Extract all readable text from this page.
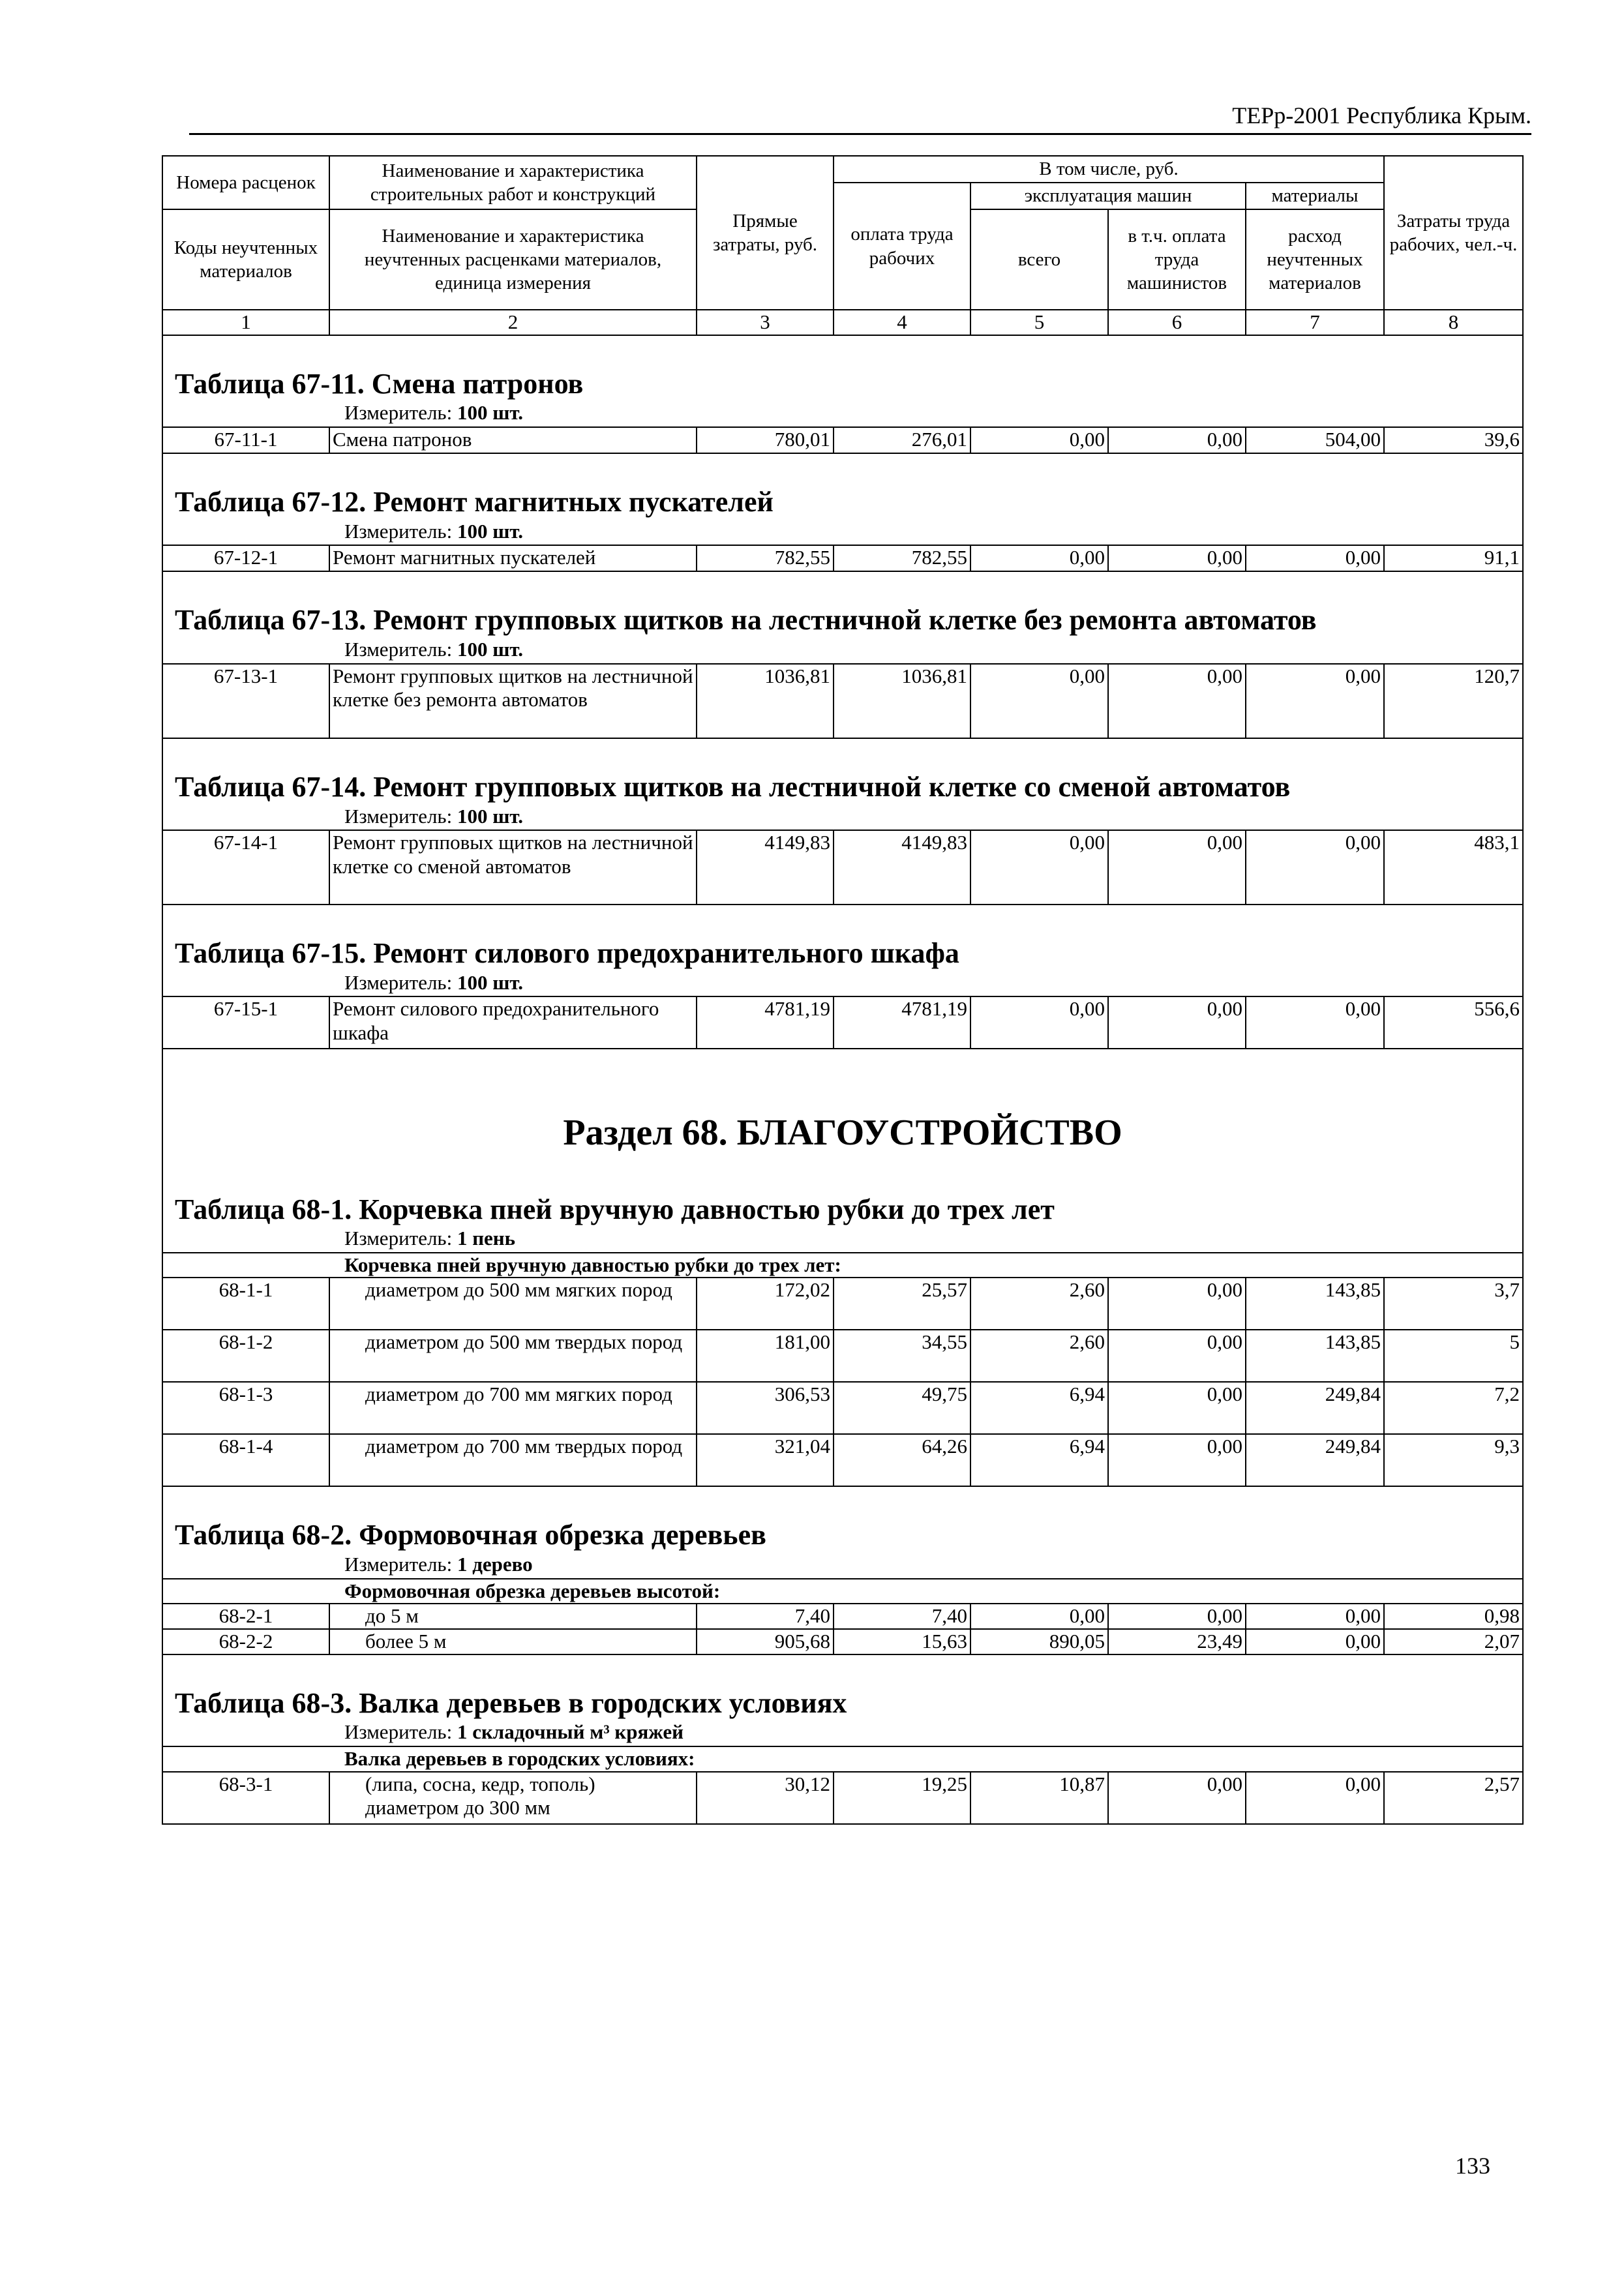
ТЕРр-2001 Республика Крым.
Номера расценок	Наименование и характеристика строительных работ и конструкций	Прямые затраты, руб.	В том числе, руб.				Затраты труда рабочих, чел.-ч.
			оплата труда рабочих	эксплуатация машин		материалы	
Коды неучтенных материалов	Наименование и характеристика неучтенных расценками материалов, единица измерения			всего	в т.ч. оплата труда машинистов	расход неучтенных материалов	

1	2	3	4	5	6	7	8
Таблица 67-11. Смена патронов							
Измеритель: 100 шт.							
67-11-1	Смена патронов	780,01	276,01	0,00	0,00	504,00	39,6
Таблица 67-12. Ремонт магнитных пускателей							
Измеритель: 100 шт.							
67-12-1	Ремонт магнитных пускателей	782,55	782,55	0,00	0,00	0,00	91,1
Таблица 67-13. Ремонт групповых щитков на лестничной клетке без ремонта автоматов							
Измеритель: 100 шт.							
67-13-1	Ремонт групповых щитков на лестничной клетке без ремонта автоматов	1036,81	1036,81	0,00	0,00	0,00	120,7
Таблица 67-14. Ремонт групповых щитков на лестничной клетке со сменой автоматов							
Измеритель: 100 шт.							
67-14-1	Ремонт групповых щитков на лестничной клетке со сменой автоматов	4149,83	4149,83	0,00	0,00	0,00	483,1
Таблица 67-15. Ремонт силового предохранительного шкафа							
Измеритель: 100 шт.							
67-15-1	Ремонт силового предохранительного шкафа	4781,19	4781,19	0,00	0,00	0,00	556,6
Раздел 68. БЛАГОУСТРОЙСТВО							
Таблица 68-1. Корчевка пней вручную давностью рубки до трех лет							
Измеритель: 1 пень							
Корчевка пней вручную давностью рубки до трех лет:							
68-1-1	диаметром до 500 мм мягких пород	172,02	25,57	2,60	0,00	143,85	3,7
68-1-2	диаметром до 500 мм твердых пород	181,00	34,55	2,60	0,00	143,85	5
68-1-3	диаметром до 700 мм мягких пород	306,53	49,75	6,94	0,00	249,84	7,2
68-1-4	диаметром до 700 мм твердых пород	321,04	64,26	6,94	0,00	249,84	9,3
Таблица 68-2. Формовочная обрезка деревьев							
Измеритель: 1 дерево							
Формовочная обрезка деревьев высотой:							
68-2-1	до 5 м	7,40	7,40	0,00	0,00	0,00	0,98
68-2-2	более 5 м	905,68	15,63	890,05	23,49	0,00	2,07
Таблица 68-3. Валка деревьев в городских условиях							
Измеритель: 1 складочный м³ кряжей							
Валка деревьев в городских условиях:							
68-3-1	(липа, сосна, кедр, тополь) диаметром до 300 мм	30,12	19,25	10,87	0,00	0,00	2,57
133
